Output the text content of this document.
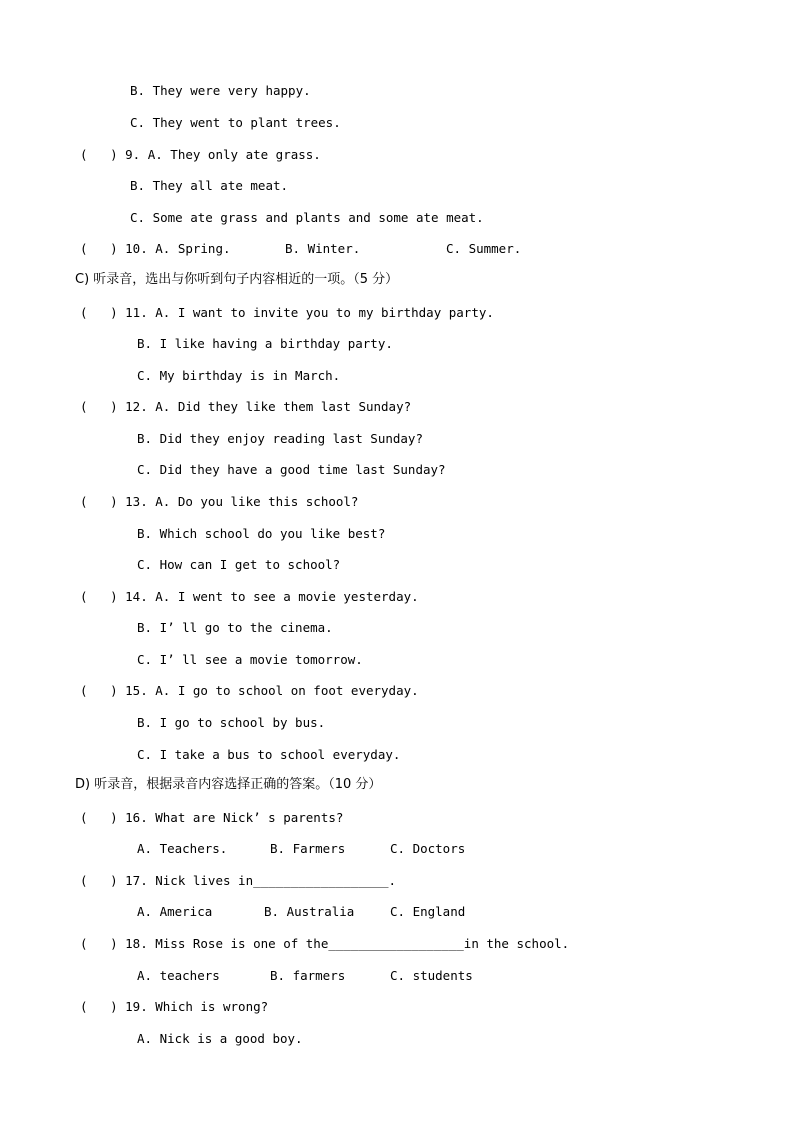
B. They were very happy.
C. They went to plant trees.
(   ) 9. A. They only ate grass.
B. They all ate meat.
C. Some ate grass and plants and some ate meat.
(   ) 10. A. Spring.	B. Winter.	C. Summer.
C) 听录音，选出与你听到句子内容相近的一项。（5 分）
(   ) 11. A. I want to invite you to my birthday party.
B. I like having a birthday party.
C. My birthday is in March.
(   ) 12. A. Did they like them last Sunday?
B. Did they enjoy reading last Sunday?
C. Did they have a good time last Sunday?
(   ) 13. A. Do you like this school?
B. Which school do you like best?
C. How can I get to school?
(   ) 14. A. I went to see a movie yesterday.
B. I’ ll go to the cinema.
C. I’ ll see a movie tomorrow.
(   ) 15. A. I go to school on foot everyday.
B. I go to school by bus.
C. I take a bus to school everyday.
D) 听录音，根据录音内容选择正确的答案。（10 分）
(   ) 16. What are Nick’ s parents?
A. Teachers.	B. Farmers	C. Doctors
(   ) 17. Nick lives in__________________.
A. America	B. Australia	C. England
(   ) 18. Miss Rose is one of the__________________in the school.
A. teachers	B. farmers	C. students
(   ) 19. Which is wrong?
A. Nick is a good boy.
